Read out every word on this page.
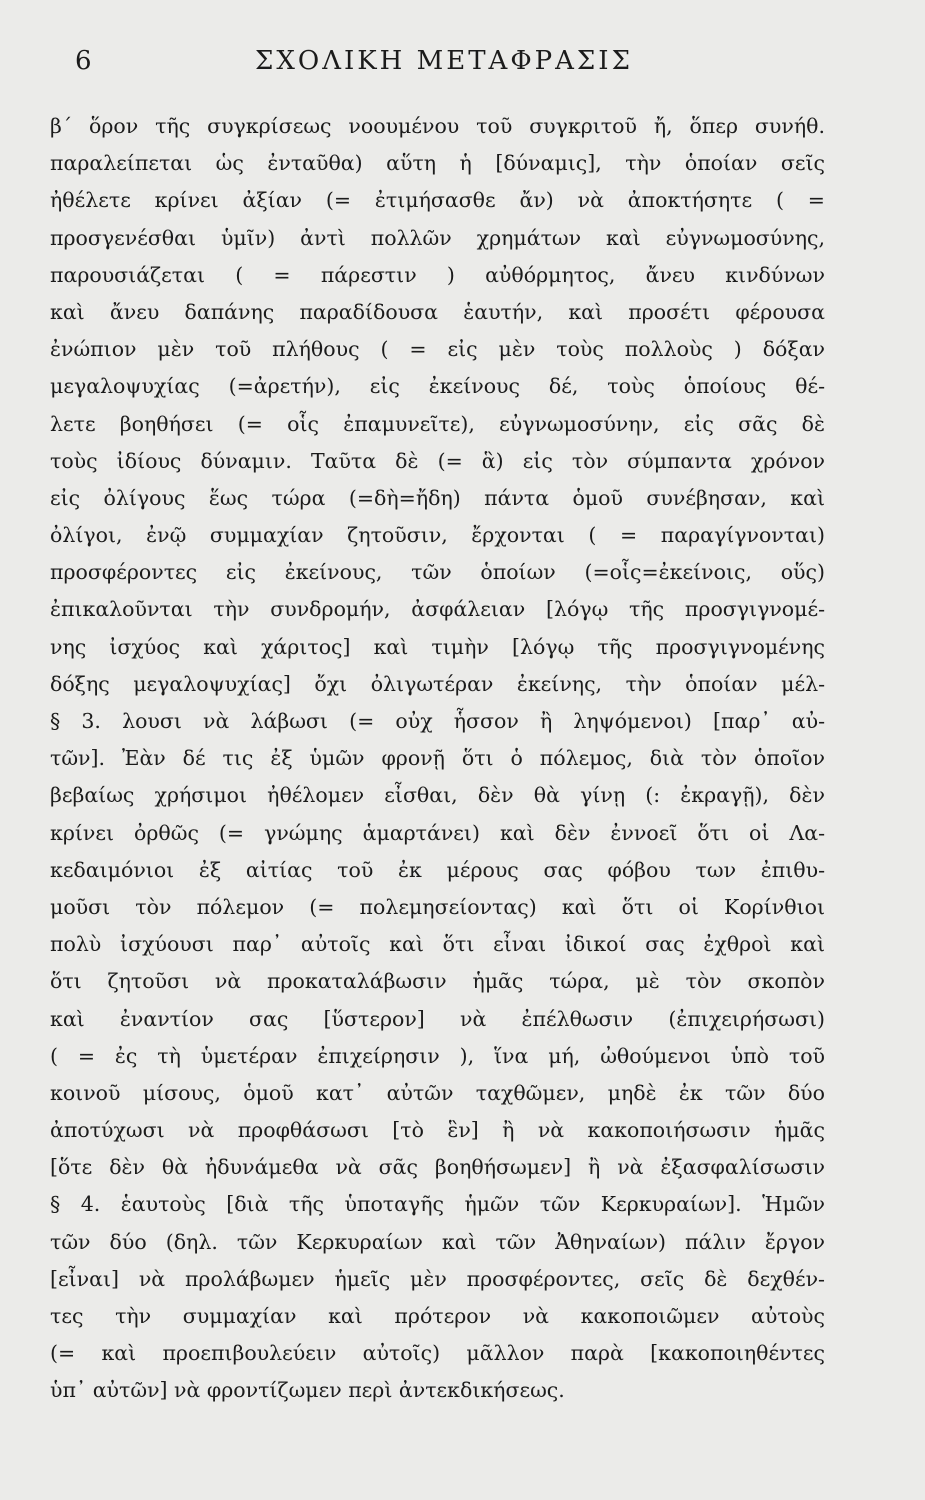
6	ΣΧΟΛΙΚΗ ΜΕΤΑΦΡΑΣΙΣ
β΄ ὅρον τῆς συγκρίσεως νοουμένου τοῦ συγκριτοῦ ἤ, ὅπερ συνήθ.
παραλείπεται ὡς ἐνταῦθα) αὕτη ἡ [δύναμις], τὴν ὁποίαν σεῖς
ἠθέλετε κρίνει ἀξίαν (= ἐτιμήσασθε ἄν) νὰ ἀποκτήσητε ( =
προσγενέσθαι ὑμῖν) ἀντὶ πολλῶν χρημάτων καὶ εὐγνωμοσύνης,
παρουσιάζεται ( = πάρεστιν ) αὐθόρμητος, ἄνευ κινδύνων
καὶ ἄνευ δαπάνης παραδίδουσα ἑαυτήν, καὶ προσέτι φέρουσα
ἐνώπιον μὲν τοῦ πλήθους ( = εἰς μὲν τοὺς πολλοὺς ) δόξαν
μεγαλοψυχίας (=ἀρετήν), εἰς ἐκείνους δέ, τοὺς ὁποίους θέ-
λετε βοηθήσει (= οἷς ἐπαμυνεῖτε), εὐγνωμοσύνην, εἰς σᾶς δὲ
τοὺς ἰδίους δύναμιν. Ταῦτα δὲ (= ἃ) εἰς τὸν σύμπαντα χρόνον
εἰς ὀλίγους ἕως τώρα (=δὴ=ἤδη) πάντα ὁμοῦ συνέβησαν, καὶ
ὀλίγοι, ἐνῷ συμμαχίαν ζητοῦσιν, ἔρχονται ( = παραγίγνονται)
προσφέροντες εἰς ἐκείνους, τῶν ὁποίων (=οἷς=ἐκείνοις, οὕς)
ἐπικαλοῦνται τὴν συνδρομήν, ἀσφάλειαν [λόγῳ τῆς προσγιγνομέ-
νης ἰσχύος καὶ χάριτος] καὶ τιμὴν [λόγῳ τῆς προσγιγνομένης
δόξης μεγαλοψυχίας] ὄχι ὀλιγωτέραν ἐκείνης, τὴν ὁποίαν μέλ-
§ 3. λουσι νὰ λάβωσι (= οὐχ ἧσσον ἢ ληψόμενοι) [παρ᾽ αὐ-
τῶν]. Ἐὰν δέ τις ἐξ ὑμῶν φρονῇ ὅτι ὁ πόλεμος, διὰ τὸν ὁποῖον
βεβαίως χρήσιμοι ἠθέλομεν εἶσθαι, δὲν θὰ γίνῃ (: ἐκραγῇ), δὲν
κρίνει ὀρθῶς (= γνώμης ἁμαρτάνει) καὶ δὲν ἐννοεῖ ὅτι οἱ Λα-
κεδαιμόνιοι ἐξ αἰτίας τοῦ ἐκ μέρους σας φόβου των ἐπιθυ-
μοῦσι τὸν πόλεμον (= πολεμησείοντας) καὶ ὅτι οἱ Κορίνθιοι
πολὺ ἰσχύουσι παρ᾽ αὐτοῖς καὶ ὅτι εἶναι ἰδικοί σας ἐχθροὶ καὶ
ὅτι ζητοῦσι νὰ προκαταλάβωσιν ἡμᾶς τώρα, μὲ τὸν σκοπὸν
καὶ ἐναντίον σας [ὕστερον] νὰ ἐπέλθωσιν (ἐπιχειρήσωσι)
( = ἐς τὴ ὑμετέραν ἐπιχείρησιν ), ἵνα μή, ὠθούμενοι ὑπὸ τοῦ
κοινοῦ μίσους, ὁμοῦ κατ᾽ αὐτῶν ταχθῶμεν, μηδὲ ἐκ τῶν δύο
ἀποτύχωσι νὰ προφθάσωσι [τὸ ἓν] ἢ νὰ κακοποιήσωσιν ἡμᾶς
[ὅτε δὲν θὰ ἠδυνάμεθα νὰ σᾶς βοηθήσωμεν] ἢ νὰ ἐξασφαλίσωσιν
§ 4. ἑαυτοὺς [διὰ τῆς ὑποταγῆς ἡμῶν τῶν Κερκυραίων]. Ἡμῶν
τῶν δύο (δηλ. τῶν Κερκυραίων καὶ τῶν Ἀθηναίων) πάλιν ἔργον
[εἶναι] νὰ προλάβωμεν ἡμεῖς μὲν προσφέροντες, σεῖς δὲ δεχθέν-
τες τὴν συμμαχίαν καὶ πρότερον νὰ κακοποιῶμεν αὐτοὺς
(= καὶ προεπιβουλεύειν αὐτοῖς) μᾶλλον παρὰ [κακοποιηθέντες
ὑπ᾽ αὐτῶν] νὰ φροντίζωμεν περὶ ἀντεκδικήσεως.
